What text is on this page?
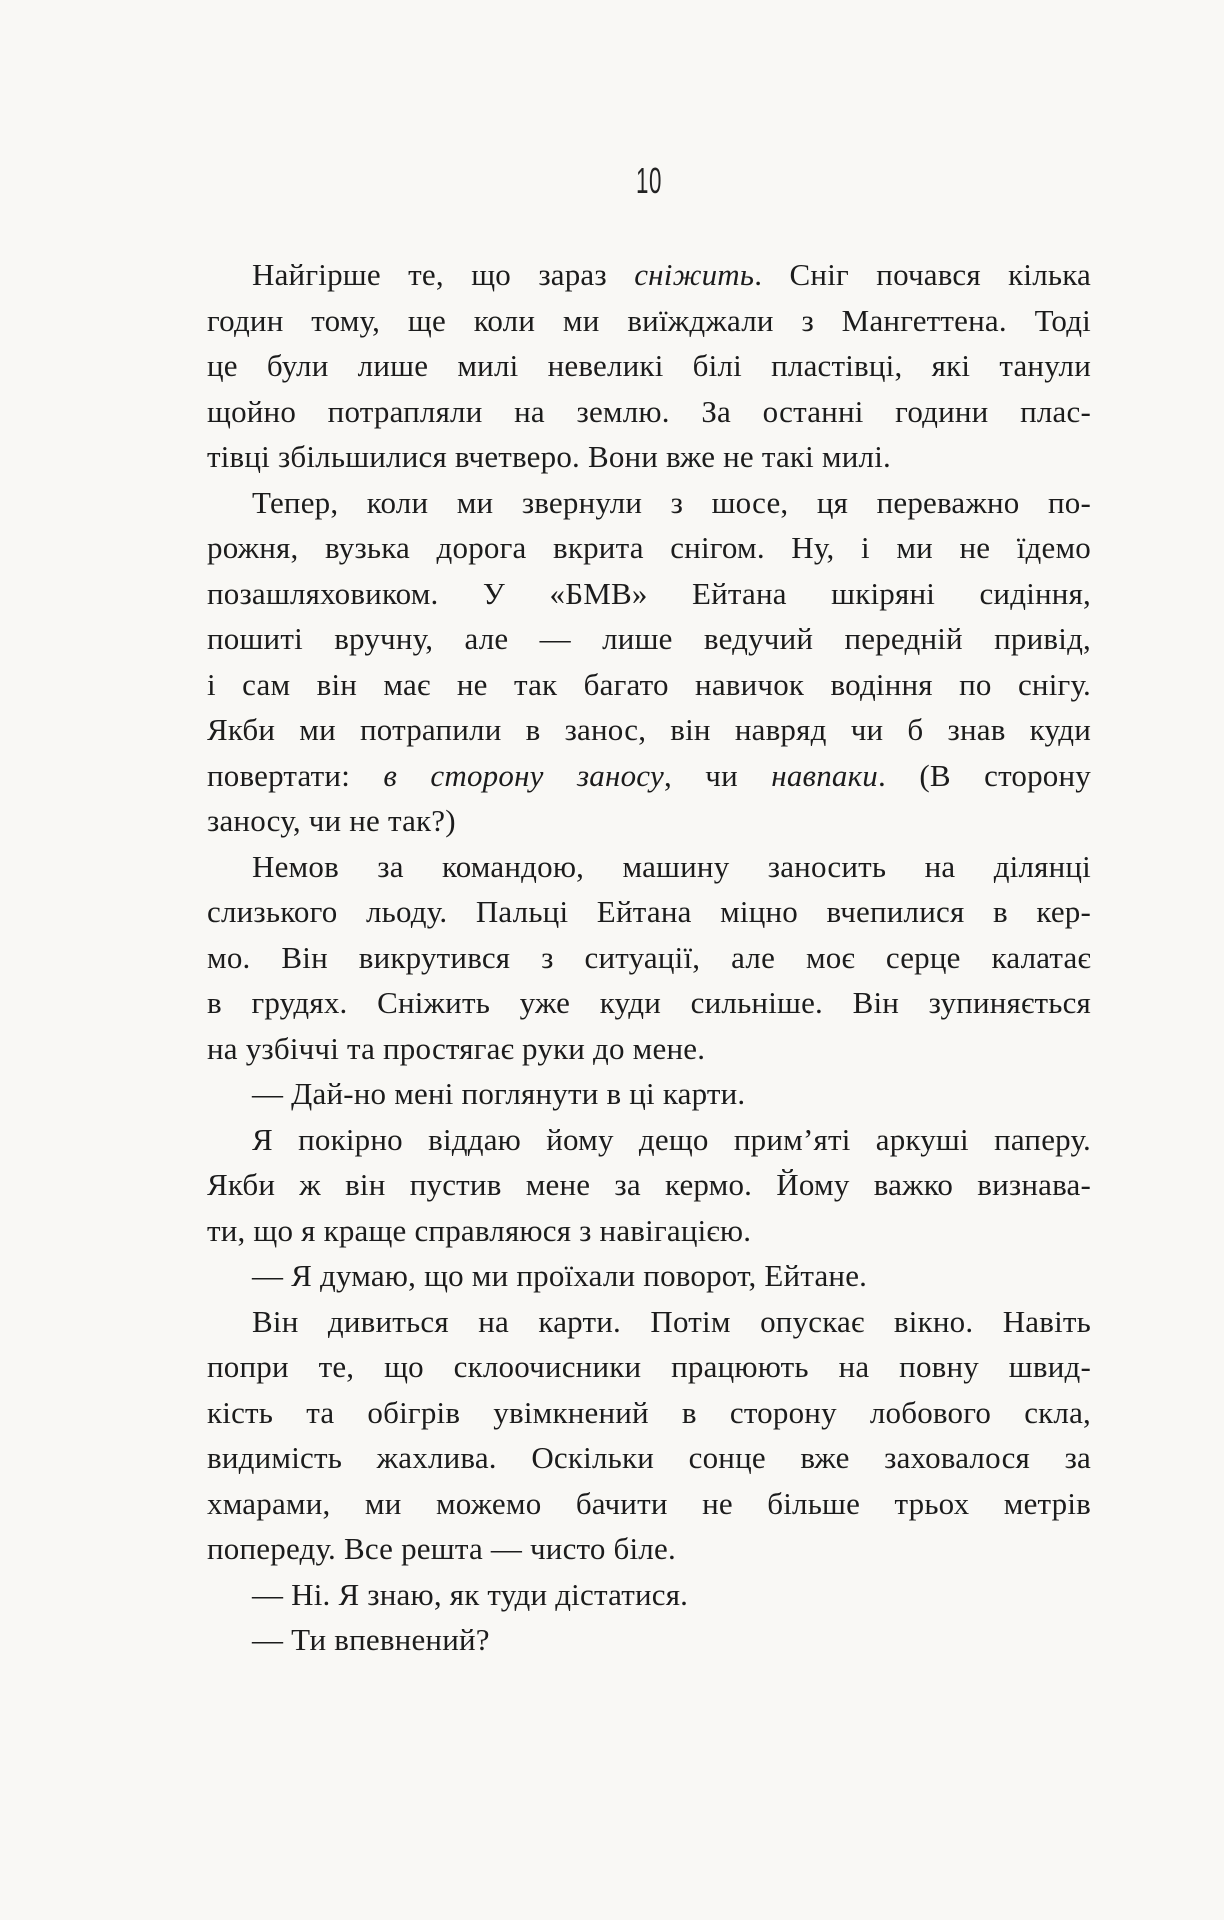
10
Найгірше те, що зараз сніжить. Сніг почався кілька
годин тому, ще коли ми виїжджали з Мангеттена. Тоді
це були лише милі невеликі білі пластівці, які танули
щойно потрапляли на землю. За останні години плас-
тівці збільшилися вчетверо. Вони вже не такі милі.
Тепер, коли ми звернули з шосе, ця переважно по-
рожня, вузька дорога вкрита снігом. Ну, і ми не їдемо
позашляховиком. У «БМВ» Ейтана шкіряні сидіння,
пошиті вручну, але — лише ведучий передній привід,
і сам він має не так багато навичок водіння по снігу.
Якби ми потрапили в занос, він навряд чи б знав куди
повертати: в сторону заносу, чи навпаки. (В сторону
заносу, чи не так?)
Немов за командою, машину заносить на ділянці
слизького льоду. Пальці Ейтана міцно вчепилися в кер-
мо. Він викрутився з ситуації, але моє серце калатає
в грудях. Сніжить уже куди сильніше. Він зупиняється
на узбіччі та простягає руки до мене.
— Дай-но мені поглянути в ці карти.
Я покірно віддаю йому дещо прим’яті аркуші паперу.
Якби ж він пустив мене за кермо. Йому важко визнава-
ти, що я краще справляюся з навігацією.
— Я думаю, що ми проїхали поворот, Ейтане.
Він дивиться на карти. Потім опускає вікно. Навіть
попри те, що склоочисники працюють на повну швид-
кість та обігрів увімкнений в сторону лобового скла,
видимість жахлива. Оскільки сонце вже заховалося за
хмарами, ми можемо бачити не більше трьох метрів
попереду. Все решта — чисто біле.
— Ні. Я знаю, як туди дістатися.
— Ти впевнений?
